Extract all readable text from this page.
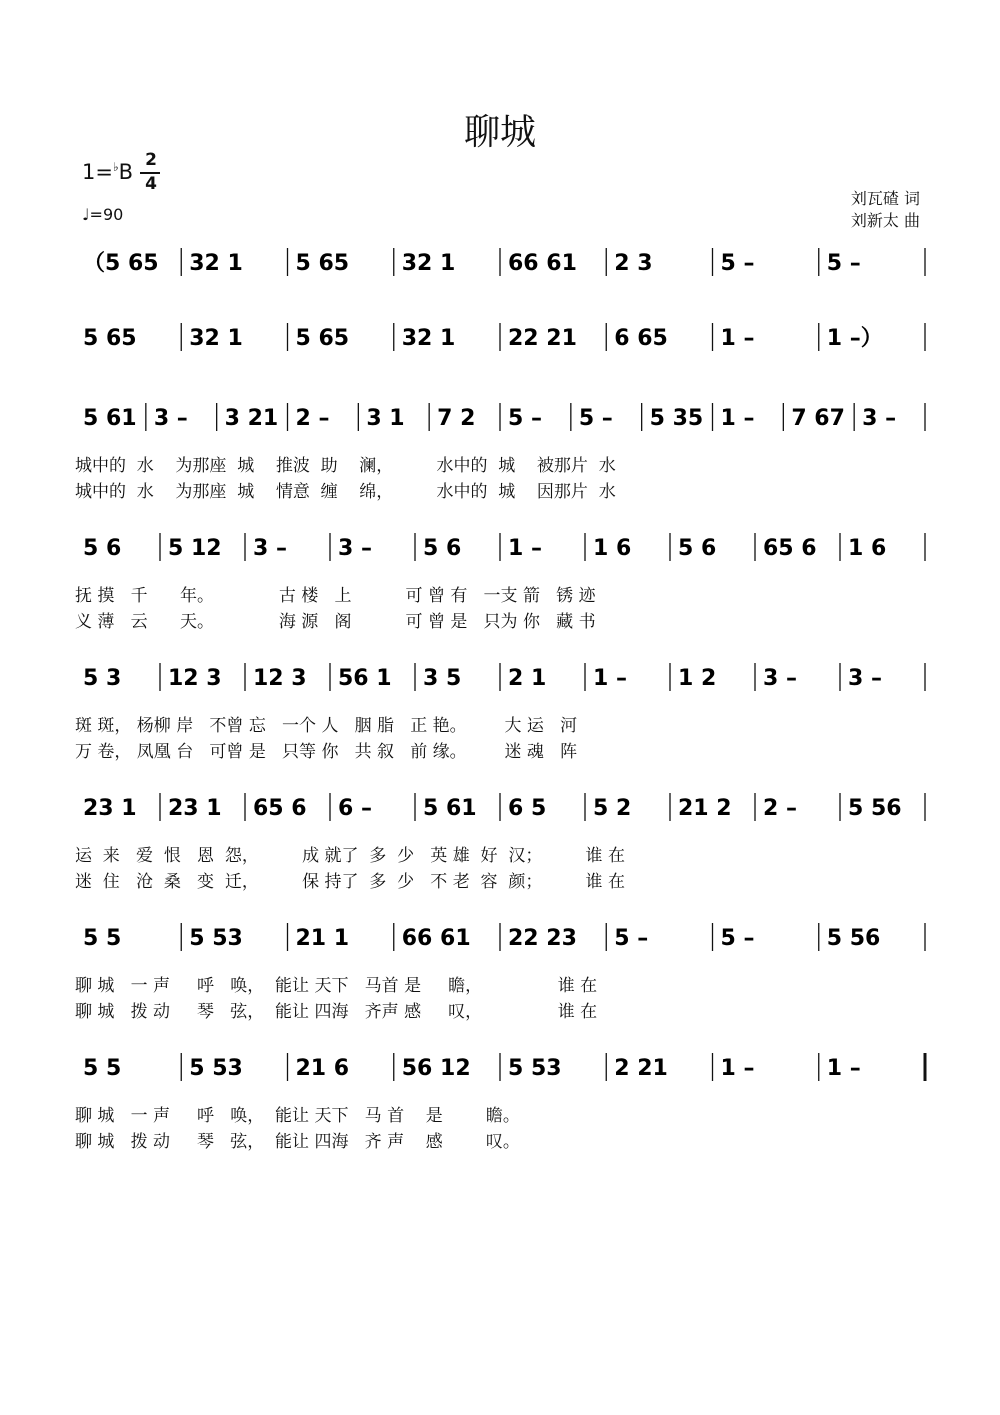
聊城
1=♭B 2
4
♩=90
刘瓦碴 词
刘新太 曲
（5 65 32 1 5 65 32 1 66 61 2 3	5 –	5 –
5 65 32 1 5 65 32 1 22 21 6 65 1 –	1 –）
5 61 3 – 3 21 2 – 3 1 7 2 5 – 5 – 5 35 1 – 7 67 3 –
5 6 5 12 3 – 3 – 5 6 1 – 1 6 5 6 65 6 1 6
5 3 12 3 12 3 56 1 3 5 2 1 1 – 1 2 3 – 3 –
23 1 23 1 65 6 6 – 5 61 6 5 5 2 21 2 2 – 5 56
5 5	5 53 21 1 66 61 22 23 5 –	5 –	5 56
5 5	5 53 21 6 56 12 5 53 2 21 1 –	1 –
城中的  水    为那座  城    推波  助    澜，        水中的  城    被那片  水
城中的  水    为那座  城    情意  缠    绵，        水中的  城    因那片  水
抚 摸   千      年。            古 楼   上          可 曾 有   一支 箭   锈 迹
义 薄   云      天。            海 源   阁          可 曾 是   只为 你   藏 书
斑 斑， 杨柳 岸   不曾 忘   一个 人   胭 脂   正 艳。       大 运   河
万 卷， 凤凰 台   可曾 是   只等 你   共 叙   前 缘。       迷 魂   阵
运  来   爱  恨   恩  怨，        成 就了  多  少   英 雄  好  汉；        谁 在
迷  住   沧  桑   变  迁，        保 持了  多  少   不 老  容  颜；        谁 在
聊 城   一 声     呼   唤，  能让 天下   马首 是     瞻，              谁 在
聊 城   拨 动     琴   弦，  能让 四海   齐声 感     叹，              谁 在
聊 城   一 声     呼   唤，  能让 天下   马 首    是        瞻。
聊 城   拨 动     琴   弦，  能让 四海   齐 声    感        叹。
